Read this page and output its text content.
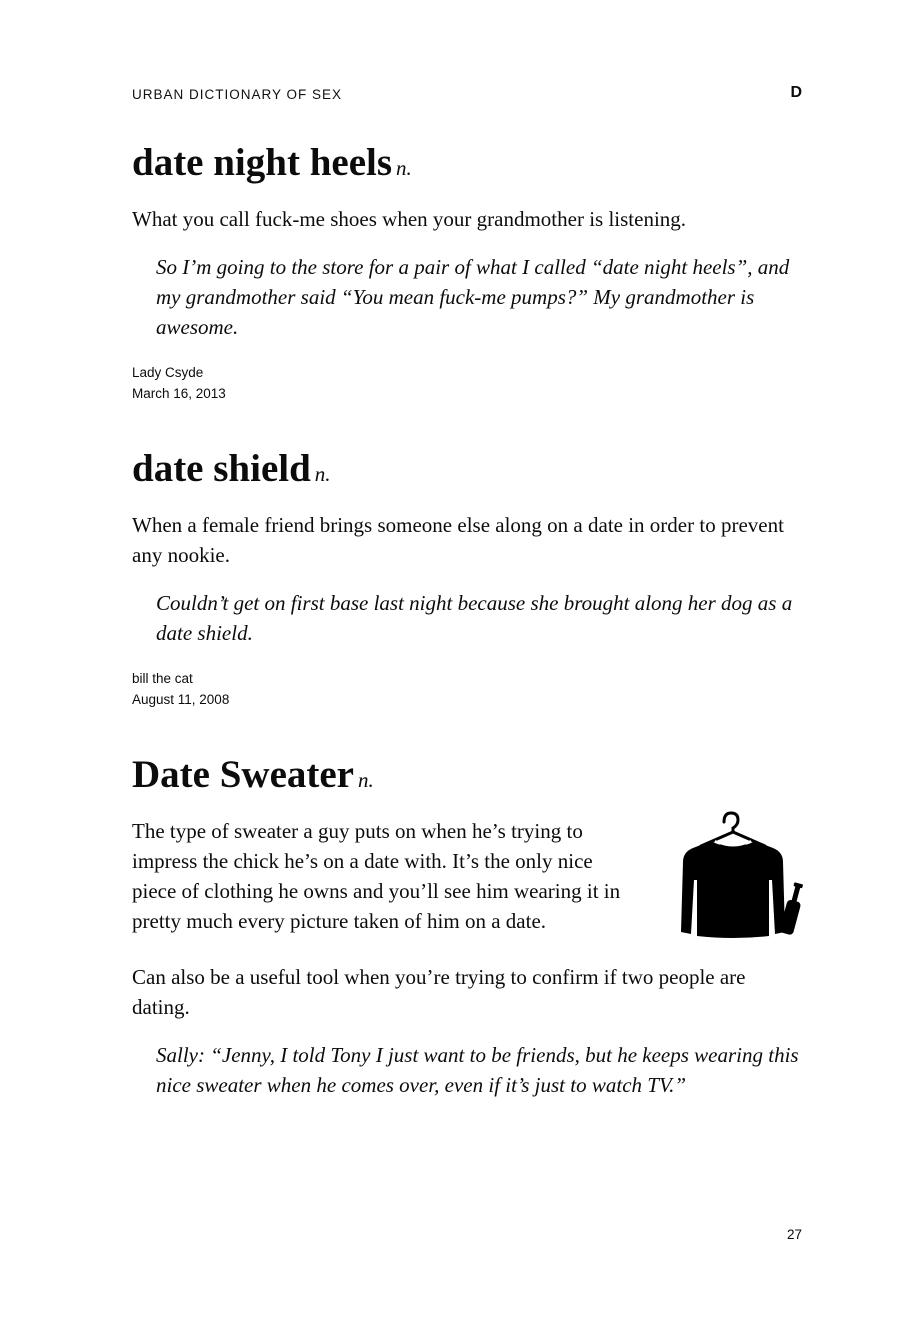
URBAN DICTIONARY OF SEX	D
date night heels n.

What you call fuck-me shoes when your grandmother is listening.

So I’m going to the store for a pair of what I called “date night heels”, and my grandmother said “You mean fuck-me pumps?” My grandmother is awesome.

Lady Csyde
March 16, 2013
date shield n.

When a female friend brings someone else along on a date in order to prevent any nookie.

Couldn’t get on first base last night because she brought along her dog as a date shield.

bill the cat
August 11, 2008
Date Sweater n.

The type of sweater a guy puts on when he’s trying to impress the chick he’s on a date with. It’s the only nice piece of clothing he owns and you’ll see him wearing it in pretty much every picture taken of him on a date.

Can also be a useful tool when you’re trying to confirm if two people are dating.

Sally: “Jenny, I told Tony I just want to be friends, but he keeps wearing this nice sweater when he comes over, even if it’s just to watch TV.”

27
